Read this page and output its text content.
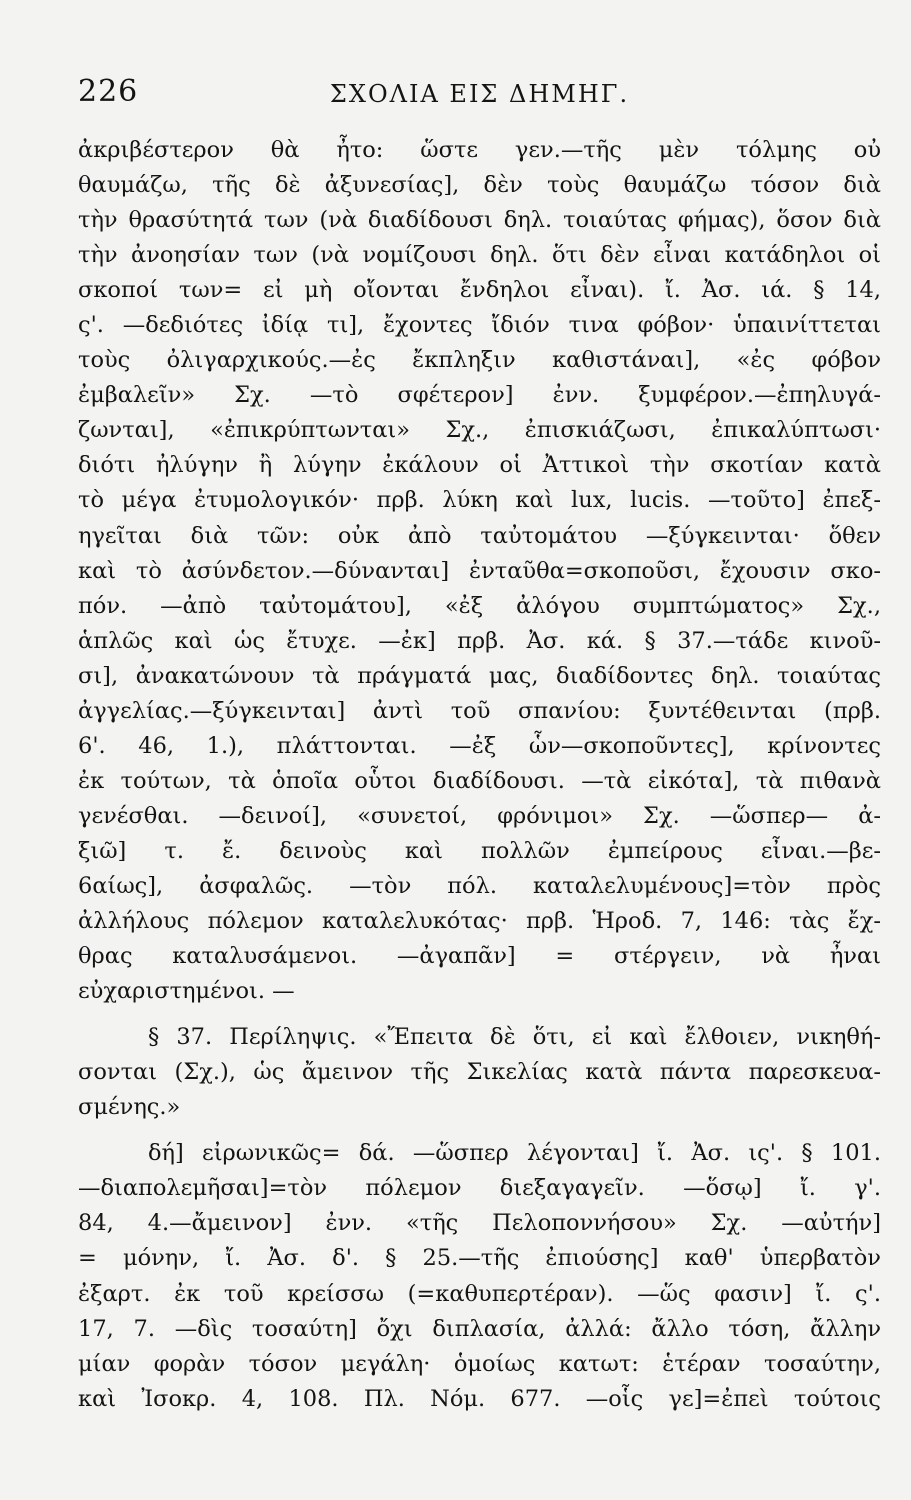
226	ΣΧΟΛΙΑ ΕΙΣ ΔΗΜΗΓ.
ἀκριβέστερον θὰ ἦτο: ὥστε γεν.—τῆς μὲν τόλμης οὐ
θαυμάζω, τῆς δὲ ἀξυνεσίας], δὲν τοὺς θαυμάζω τόσον διὰ
τὴν θρασύτητά των (νὰ διαδίδουσι δηλ. τοιαύτας φήμας), ὅσον διὰ
τὴν ἀνοησίαν των (νὰ νομίζουσι δηλ. ὅτι δὲν εἶναι κατάδηλοι οἱ
σκοποί των= εἰ μὴ οἴονται ἔνδηλοι εἶναι). ἴ. Ἀσ. ιά. § 14,
ς'. —δεδιότες ἰδίᾳ τι], ἔχοντες ἴδιόν τινα φόβον· ὑπαινίττεται
τοὺς ὀλιγαρχικούς.—ἐς ἔκπληξιν καθιστάναι], «ἐς φόβον
ἐμβαλεῖν» Σχ. —τὸ σφέτερον] ἐνν. ξυμφέρον.—ἐπηλυγά-
ζωνται], «ἐπικρύπτωνται» Σχ., ἐπισκιάζωσι, ἐπικαλύπτωσι·
διότι ἠλύγην ἢ λύγην ἐκάλουν οἱ Ἀττικοὶ τὴν σκοτίαν κατὰ
τὸ μέγα ἐτυμολογικόν· πρβ. λύκη καὶ lux, lucis. —τοῦτο] ἐπεξ-
ηγεῖται διὰ τῶν: οὐκ ἀπὸ ταὐτομάτου —ξύγκεινται· ὅθεν
καὶ τὸ ἀσύνδετον.—δύνανται] ἐνταῦθα=σκοποῦσι, ἔχουσιν σκο-
πόν. —ἀπὸ ταὐτομάτου], «ἐξ ἀλόγου συμπτώματος» Σχ.,
ἁπλῶς καὶ ὡς ἔτυχε. —ἐκ] πρβ. Ἀσ. κά. § 37.—τάδε κινοῦ-
σι], ἀνακατώνουν τὰ πράγματά μας, διαδίδοντες δηλ. τοιαύτας
ἀγγελίας.—ξύγκεινται] ἀντὶ τοῦ σπανίου: ξυντέθεινται (πρβ.
6'. 46, 1.), πλάττονται. —ἐξ ὧν—σκοποῦντες], κρίνοντες
ἐκ τούτων, τὰ ὁποῖα οὗτοι διαδίδουσι. —τὰ εἰκότα], τὰ πιθανὰ
γενέσθαι. —δεινοί], «συνετοί, φρόνιμοι» Σχ. —ὥσπερ— ἀ-
ξιῶ] τ. ἔ. δεινοὺς καὶ πολλῶν ἐμπείρους εἶναι.—βε-
6αίως], ἀσφαλῶς. —τὸν πόλ. καταλελυμένους]=τὸν πρὸς
ἀλλήλους πόλεμον καταλελυκότας· πρβ. Ἡροδ. 7, 146: τὰς ἔχ-
θρας καταλυσάμενοι. —ἀγαπᾶν] = στέργειν, νὰ ἦναι
εὐχαριστημένοι. —
§ 37. Περίληψις. «Ἔπειτα δὲ ὅτι, εἰ καὶ ἔλθοιεν, νικηθή-
σονται (Σχ.), ὡς ἄμεινον τῆς Σικελίας κατὰ πάντα παρεσκευα-
σμένης.»
δή] εἰρωνικῶς= δά. —ὥσπερ λέγονται] ἴ. Ἀσ. ις'. § 101.
—διαπολεμῆσαι]=τὸν πόλεμον διεξαγαγεῖν. —ὅσῳ] ἴ. γ'.
84, 4.—ἄμεινον] ἐνν. «τῆς Πελοποννήσου» Σχ. —αὐτήν]
= μόνην, ἴ. Ἀσ. δ'. § 25.—τῆς ἐπιούσης] καθ' ὑπερβατὸν
ἐξαρτ. ἐκ τοῦ κρείσσω (=καθυπερτέραν). —ὥς φασιν] ἴ. ς'.
17, 7. —δὶς τοσαύτη] ὄχι διπλασία, ἀλλά: ἄλλο τόση, ἄλλην
μίαν φορὰν τόσον μεγάλη· ὁμοίως κατωτ: ἑτέραν τοσαύτην,
καὶ Ἰσοκρ. 4, 108. Πλ. Νόμ. 677. —οἷς γε]=ἐπεὶ τούτοις
